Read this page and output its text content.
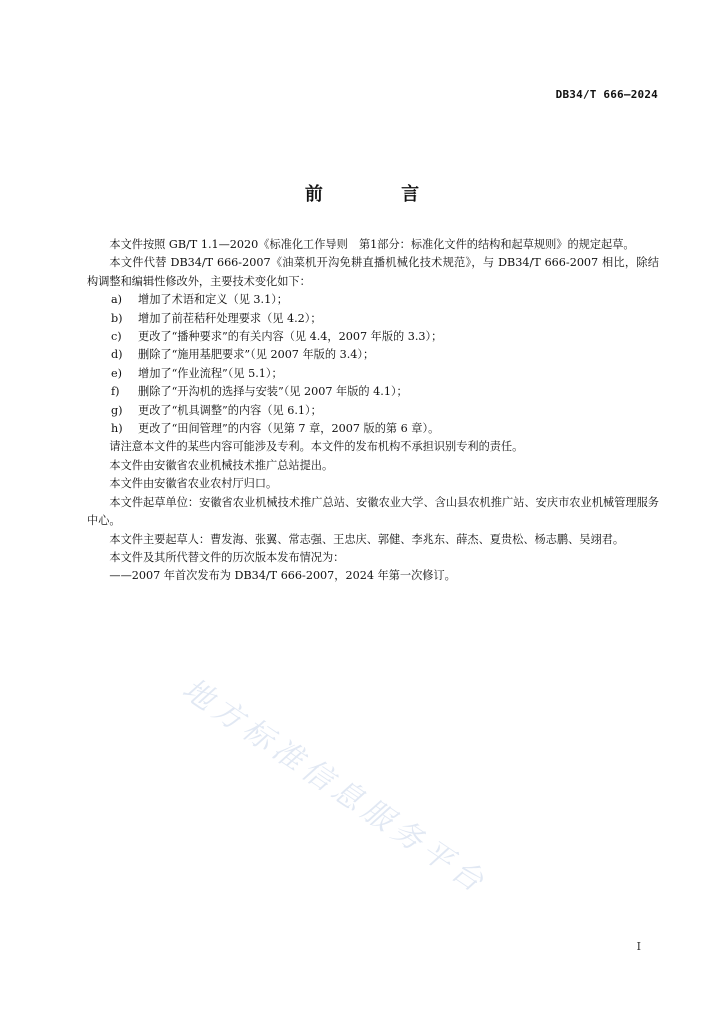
DB34/T 666—2024
前 言

本文件按照 GB/T 1.1—2020《标准化工作导则　第1部分：标准化文件的结构和起草规则》的规定起草。

本文件代替 DB34/T 666-2007《油菜机开沟免耕直播机械化技术规范》，与 DB34/T 666-2007 相比，除结构调整和编辑性修改外，主要技术变化如下：

a) 增加了术语和定义（见 3.1）；

b) 增加了前茬秸秆处理要求（见 4.2）；

c) 更改了“播种要求”的有关内容（见 4.4，2007 年版的 3.3）；

d) 删除了“施用基肥要求”（见 2007 年版的 3.4）；

e) 增加了“作业流程”（见 5.1）；

f) 删除了“开沟机的选择与安装”（见 2007 年版的 4.1）；

g) 更改了“机具调整”的内容（见 6.1）；

h) 更改了“田间管理”的内容（见第 7 章，2007 版的第 6 章）。

请注意本文件的某些内容可能涉及专利。本文件的发布机构不承担识别专利的责任。

本文件由安徽省农业机械技术推广总站提出。

本文件由安徽省农业农村厅归口。

本文件起草单位：安徽省农业机械技术推广总站、安徽农业大学、含山县农机推广站、安庆市农业机械管理服务中心。

本文件主要起草人：曹发海、张翼、常志强、王忠庆、郭健、李兆东、薛杰、夏贵松、杨志鹏、吴翊君。

本文件及其所代替文件的历次版本发布情况为：

——2007 年首次发布为 DB34/T 666-2007，2024 年第一次修订。

地方标准信息服务平台
I
